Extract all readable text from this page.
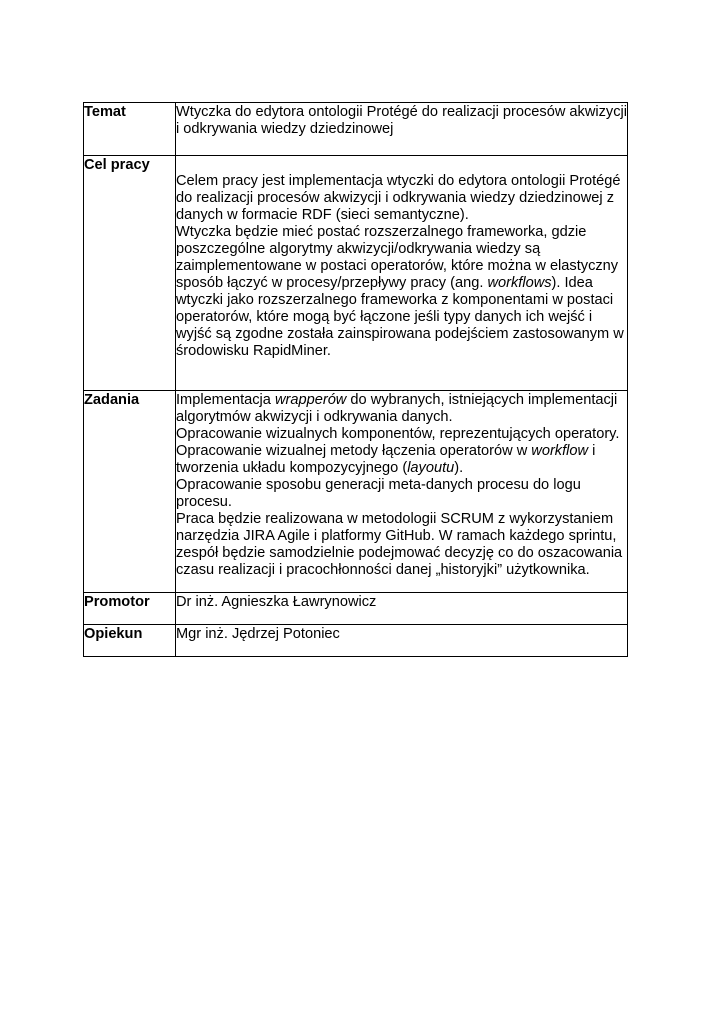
Temat	Wtyczka do edytora ontologii Protégé do realizacji procesów akwizycji i odkrywania wiedzy dziedzinowej

Cel pracy	Celem pracy jest implementacja wtyczki do edytora ontologii Protégé do realizacji procesów akwizycji i odkrywania wiedzy dziedzinowej z danych w formacie RDF (sieci semantyczne).
Wtyczka będzie mieć postać rozszerzalnego frameworka, gdzie poszczególne algorytmy akwizycji/odkrywania wiedzy są zaimplementowane w postaci operatorów, które można w elastyczny sposób łączyć w procesy/przepływy pracy (ang. workflows). Idea wtyczki jako rozszerzalnego frameworka z komponentami w postaci operatorów, które mogą być łączone jeśli typy danych ich wejść i wyjść są zgodne została zainspirowana podejściem zastosowanym w środowisku RapidMiner.

Zadania	Implementacja wrapperów do wybranych, istniejących implementacji algorytmów akwizycji i odkrywania danych.
Opracowanie wizualnych komponentów, reprezentujących operatory.
Opracowanie wizualnej metody łączenia operatorów w workflow i tworzenia układu kompozycyjnego (layoutu).
Opracowanie sposobu generacji meta-danych procesu do logu procesu.
Praca będzie realizowana w metodologii SCRUM z wykorzystaniem narzędzia JIRA Agile i platformy GitHub. W ramach każdego sprintu, zespół będzie samodzielnie podejmować decyzję co do oszacowania czasu realizacji i pracochłonności danej „historyjki” użytkownika.

Promotor	Dr inż. Agnieszka Ławrynowicz

Opiekun	Mgr inż. Jędrzej Potoniec
